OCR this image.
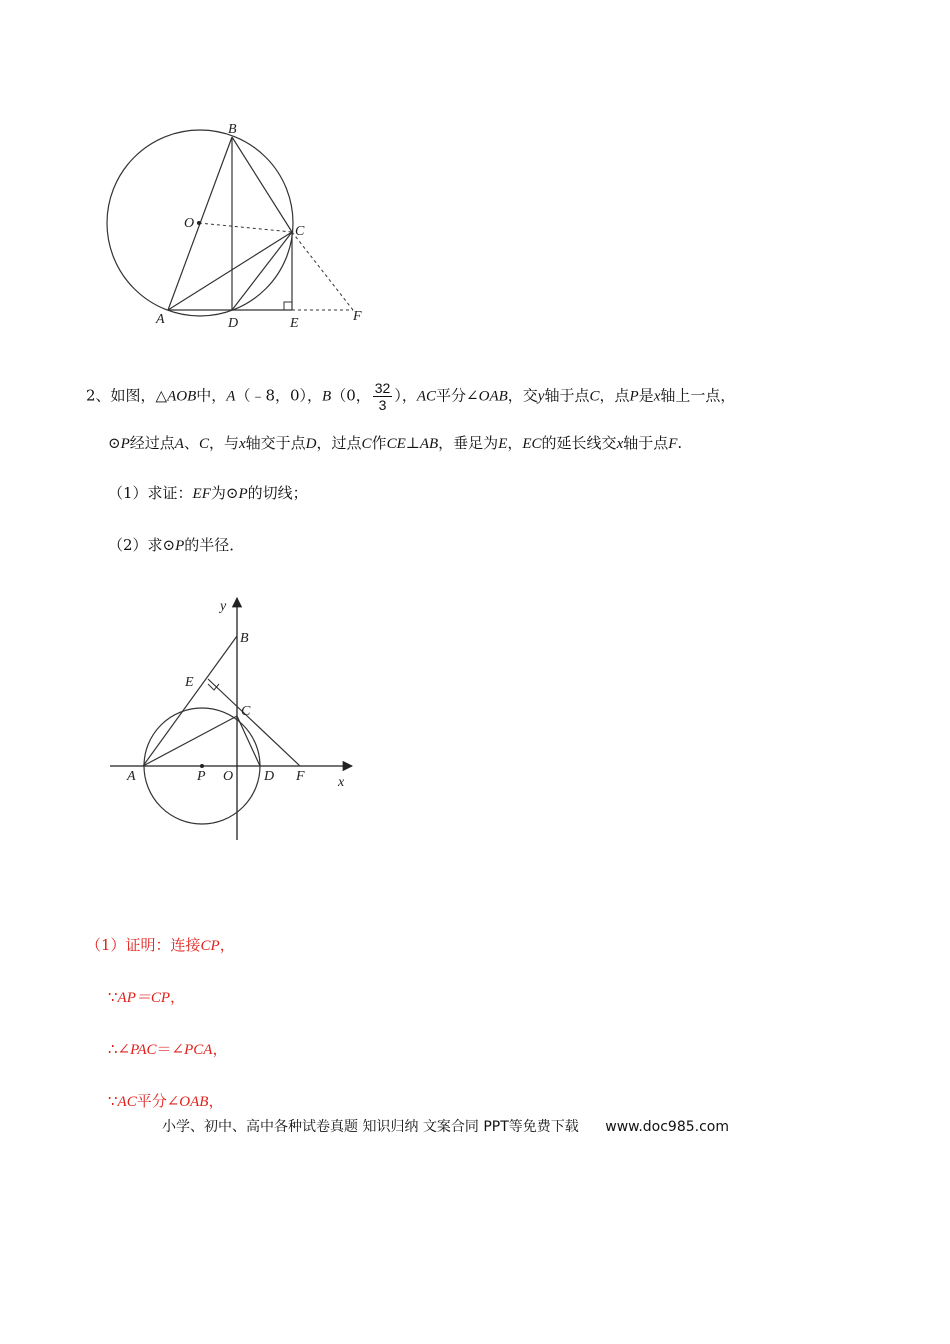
B
O
C
A	D	E	F
2、如图，△AOB中，A（﹣8，0），B（0， $\frac{32}{3}$ ），AC平分∠OAB，交y轴于点C，点P是x轴上一点，
⊙P经过点A、C，与x轴交于点D，过点C作CE⊥AB，垂足为E，EC的延长线交x轴于点F.
（1）求证：EF为⊙P的切线；
（2）求⊙P的半径．
y
B
E
C
A	P O D F x
（1）证明：连接CP，
∵AP＝CP，
∴∠PAC＝∠PCA，
∵AC平分∠OAB，
小学、初中、高中各种试卷真题 知识归纳 文案合同 PPT等免费下载 www.doc985.com
